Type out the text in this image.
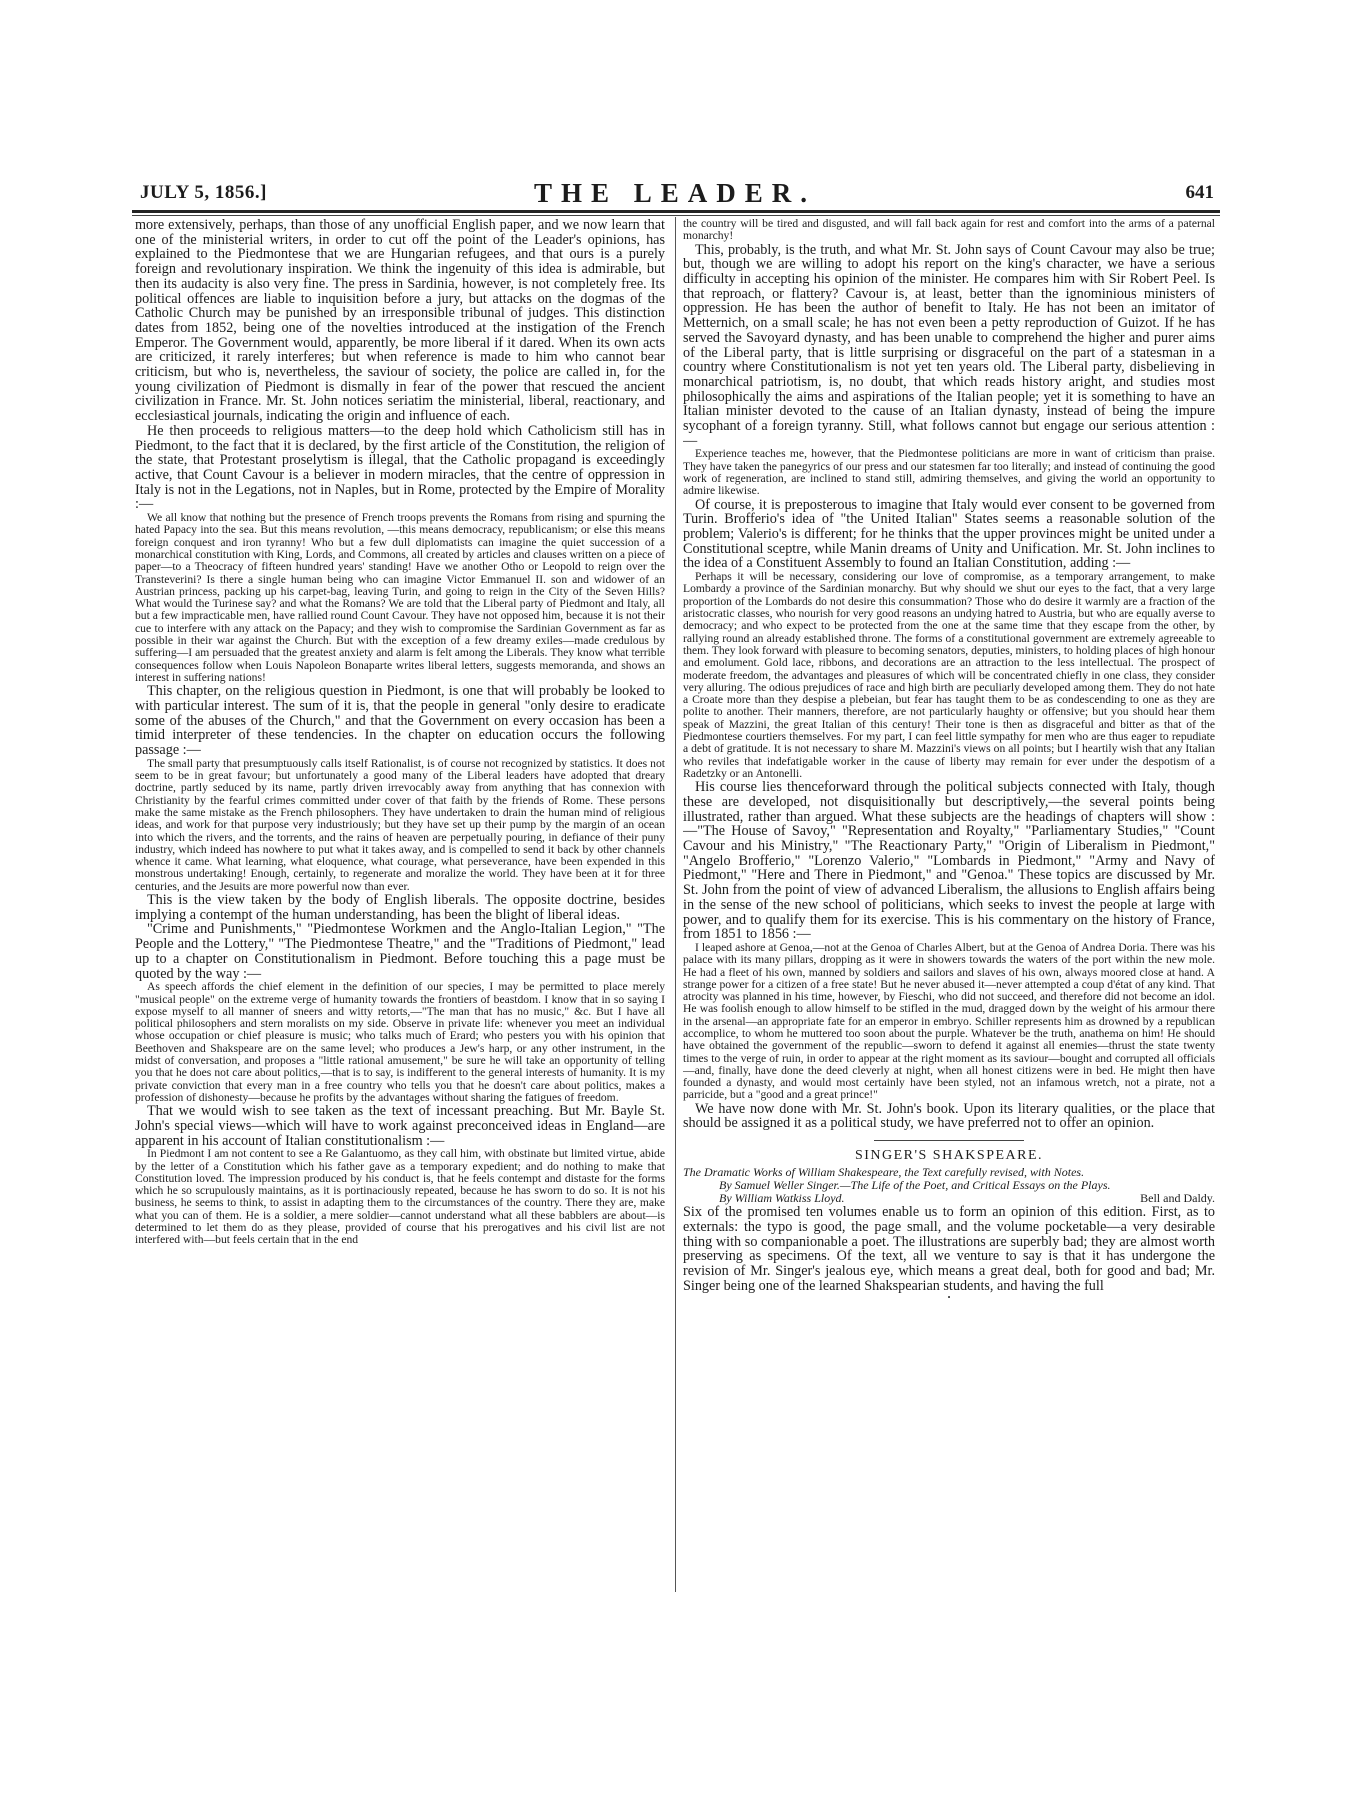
JULY 5, 1856.]	THE LEADER.	641

more extensively, perhaps, than those of any unofficial English paper, and we now learn that one of the ministerial writers, in order to cut off the point of the Leader's opinions, has explained to the Piedmontese that we are Hungarian refugees, and that ours is a purely foreign and revolutionary inspiration. We think the ingenuity of this idea is admirable, but then its audacity is also very fine. The press in Sardinia, however, is not completely free. Its political offences are liable to inquisition before a jury, but attacks on the dogmas of the Catholic Church may be punished by an irresponsible tribunal of judges. This distinction dates from 1852, being one of the novelties introduced at the instigation of the French Emperor. The Government would, apparently, be more liberal if it dared. When its own acts are criticized, it rarely interferes; but when reference is made to him who cannot bear criticism, but who is, nevertheless, the saviour of society, the police are called in, for the young civilization of Piedmont is dismally in fear of the power that rescued the ancient civilization in France. Mr. St. John notices seriatim the ministerial, liberal, reactionary, and ecclesiastical journals, indicating the origin and influence of each.

He then proceeds to religious matters—to the deep hold which Catholicism still has in Piedmont, to the fact that it is declared, by the first article of the Constitution, the religion of the state, that Protestant proselytism is illegal, that the Catholic propagand is exceedingly active, that Count Cavour is a believer in modern miracles, that the centre of oppression in Italy is not in the Legations, not in Naples, but in Rome, protected by the Empire of Morality :—

We all know that nothing but the presence of French troops prevents the Romans from rising and spurning the hated Papacy into the sea. But this means revolution, —this means democracy, republicanism; or else this means foreign conquest and iron tyranny! Who but a few dull diplomatists can imagine the quiet succession of a monarchical constitution with King, Lords, and Commons, all created by articles and clauses written on a piece of paper—to a Theocracy of fifteen hundred years' standing! Have we another Otho or Leopold to reign over the Transteverini? Is there a single human being who can imagine Victor Emmanuel II. son and widower of an Austrian princess, packing up his carpet-bag, leaving Turin, and going to reign in the City of the Seven Hills? What would the Turinese say? and what the Romans? We are told that the Liberal party of Piedmont and Italy, all but a few impracticable men, have rallied round Count Cavour. They have not opposed him, because it is not their cue to interfere with any attack on the Papacy; and they wish to compromise the Sardinian Government as far as possible in their war against the Church. But with the exception of a few dreamy exiles—made credulous by suffering—I am persuaded that the greatest anxiety and alarm is felt among the Liberals. They know what terrible consequences follow when Louis Napoleon Bonaparte writes liberal letters, suggests memoranda, and shows an interest in suffering nations!

This chapter, on the religious question in Piedmont, is one that will probably be looked to with particular interest. The sum of it is, that the people in general "only desire to eradicate some of the abuses of the Church," and that the Government on every occasion has been a timid interpreter of these tendencies. In the chapter on education occurs the following passage :—

The small party that presumptuously calls itself Rationalist, is of course not recognized by statistics. It does not seem to be in great favour; but unfortunately a good many of the Liberal leaders have adopted that dreary doctrine, partly seduced by its name, partly driven irrevocably away from anything that has connexion with Christianity by the fearful crimes committed under cover of that faith by the friends of Rome. These persons make the same mistake as the French philosophers. They have undertaken to drain the human mind of religious ideas, and work for that purpose very industriously; but they have set up their pump by the margin of an ocean into which the rivers, and the torrents, and the rains of heaven are perpetually pouring, in defiance of their puny industry, which indeed has nowhere to put what it takes away, and is compelled to send it back by other channels whence it came. What learning, what eloquence, what courage, what perseverance, have been expended in this monstrous undertaking! Enough, certainly, to regenerate and moralize the world. They have been at it for three centuries, and the Jesuits are more powerful now than ever.

This is the view taken by the body of English liberals. The opposite doctrine, besides implying a contempt of the human understanding, has been the blight of liberal ideas.

"Crime and Punishments," "Piedmontese Workmen and the Anglo-Italian Legion," "The People and the Lottery," "The Piedmontese Theatre," and the "Traditions of Piedmont," lead up to a chapter on Constitutionalism in Piedmont. Before touching this a page must be quoted by the way :—

As speech affords the chief element in the definition of our species, I may be permitted to place merely "musical people" on the extreme verge of humanity towards the frontiers of beastdom. I know that in so saying I expose myself to all manner of sneers and witty retorts,—"The man that has no music," &c. But I have all political philosophers and stern moralists on my side. Observe in private life: whenever you meet an individual whose occupation or chief pleasure is music; who talks much of Erard; who pesters you with his opinion that Beethoven and Shakspeare are on the same level; who produces a Jew's harp, or any other instrument, in the midst of conversation, and proposes a "little rational amusement," be sure he will take an opportunity of telling you that he does not care about politics,—that is to say, is indifferent to the general interests of humanity. It is my private conviction that every man in a free country who tells you that he doesn't care about politics, makes a profession of dishonesty—because he profits by the advantages without sharing the fatigues of freedom.

That we would wish to see taken as the text of incessant preaching. But Mr. Bayle St. John's special views—which will have to work against preconceived ideas in England—are apparent in his account of Italian constitutionalism :—

In Piedmont I am not content to see a Re Galantuomo, as they call him, with obstinate but limited virtue, abide by the letter of a Constitution which his father gave as a temporary expedient; and do nothing to make that Constitution loved. The impression produced by his conduct is, that he feels contempt and distaste for the forms which he so scrupulously maintains, as it is portinaciously repeated, because he has sworn to do so. It is not his business, he seems to think, to assist in adapting them to the circumstances of the country. There they are, make what you can of them. He is a soldier, a mere soldier—cannot understand what all these babblers are about—is determined to let them do as they please, provided of course that his prerogatives and his civil list are not interfered with—but feels certain that in the end

the country will be tired and disgusted, and will fall back again for rest and comfort into the arms of a paternal monarchy!

This, probably, is the truth, and what Mr. St. John says of Count Cavour may also be true; but, though we are willing to adopt his report on the king's character, we have a serious difficulty in accepting his opinion of the minister. He compares him with Sir Robert Peel. Is that reproach, or flattery? Cavour is, at least, better than the ignominious ministers of oppression. He has been the author of benefit to Italy. He has not been an imitator of Metternich, on a small scale; he has not even been a petty reproduction of Guizot. If he has served the Savoyard dynasty, and has been unable to comprehend the higher and purer aims of the Liberal party, that is little surprising or disgraceful on the part of a statesman in a country where Constitutionalism is not yet ten years old. The Liberal party, disbelieving in monarchical patriotism, is, no doubt, that which reads history aright, and studies most philosophically the aims and aspirations of the Italian people; yet it is something to have an Italian minister devoted to the cause of an Italian dynasty, instead of being the impure sycophant of a foreign tyranny. Still, what follows cannot but engage our serious attention :—

Experience teaches me, however, that the Piedmontese politicians are more in want of criticism than praise. They have taken the panegyrics of our press and our statesmen far too literally; and instead of continuing the good work of regeneration, are inclined to stand still, admiring themselves, and giving the world an opportunity to admire likewise.

Of course, it is preposterous to imagine that Italy would ever consent to be governed from Turin. Brofferio's idea of "the United Italian" States seems a reasonable solution of the problem; Valerio's is different; for he thinks that the upper provinces might be united under a Constitutional sceptre, while Manin dreams of Unity and Unification. Mr. St. John inclines to the idea of a Constituent Assembly to found an Italian Constitution, adding :—

Perhaps it will be necessary, considering our love of compromise, as a temporary arrangement, to make Lombardy a province of the Sardinian monarchy. But why should we shut our eyes to the fact, that a very large proportion of the Lombards do not desire this consummation? Those who do desire it warmly are a fraction of the aristocratic classes, who nourish for very good reasons an undying hatred to Austria, but who are equally averse to democracy; and who expect to be protected from the one at the same time that they escape from the other, by rallying round an already established throne. The forms of a constitutional government are extremely agreeable to them. They look forward with pleasure to becoming senators, deputies, ministers, to holding places of high honour and emolument. Gold lace, ribbons, and decorations are an attraction to the less intellectual. The prospect of moderate freedom, the advantages and pleasures of which will be concentrated chiefly in one class, they consider very alluring. The odious prejudices of race and high birth are peculiarly developed among them. They do not hate a Croate more than they despise a plebeian, but fear has taught them to be as condescending to one as they are polite to another. Their manners, therefore, are not particularly haughty or offensive; but you should hear them speak of Mazzini, the great Italian of this century! Their tone is then as disgraceful and bitter as that of the Piedmontese courtiers themselves. For my part, I can feel little sympathy for men who are thus eager to repudiate a debt of gratitude. It is not necessary to share M. Mazzini's views on all points; but I heartily wish that any Italian who reviles that indefatigable worker in the cause of liberty may remain for ever under the despotism of a Radetzky or an Antonelli.

His course lies thenceforward through the political subjects connected with Italy, though these are developed, not disquisitionally but descriptively,—the several points being illustrated, rather than argued. What these subjects are the headings of chapters will show :—"The House of Savoy," "Representation and Royalty," "Parliamentary Studies," "Count Cavour and his Ministry," "The Reactionary Party," "Origin of Liberalism in Piedmont," "Angelo Brofferio," "Lorenzo Valerio," "Lombards in Piedmont," "Army and Navy of Piedmont," "Here and There in Piedmont," and "Genoa." These topics are discussed by Mr. St. John from the point of view of advanced Liberalism, the allusions to English affairs being in the sense of the new school of politicians, which seeks to invest the people at large with power, and to qualify them for its exercise. This is his commentary on the history of France, from 1851 to 1856 :—

I leaped ashore at Genoa,—not at the Genoa of Charles Albert, but at the Genoa of Andrea Doria. There was his palace with its many pillars, dropping as it were in showers towards the waters of the port within the new mole. He had a fleet of his own, manned by soldiers and sailors and slaves of his own, always moored close at hand. A strange power for a citizen of a free state! But he never abused it—never attempted a coup d'état of any kind. That atrocity was planned in his time, however, by Fieschi, who did not succeed, and therefore did not become an idol. He was foolish enough to allow himself to be stifled in the mud, dragged down by the weight of his armour there in the arsenal—an appropriate fate for an emperor in embryo. Schiller represents him as drowned by a republican accomplice, to whom he muttered too soon about the purple. Whatever be the truth, anathema on him! He should have obtained the government of the republic—sworn to defend it against all enemies—thrust the state twenty times to the verge of ruin, in order to appear at the right moment as its saviour—bought and corrupted all officials—and, finally, have done the deed cleverly at night, when all honest citizens were in bed. He might then have founded a dynasty, and would most certainly have been styled, not an infamous wretch, not a pirate, not a parricide, but a "good and a great prince!"

We have now done with Mr. St. John's book. Upon its literary qualities, or the place that should be assigned it as a political study, we have preferred not to offer an opinion.

SINGER'S SHAKSPEARE.
The Dramatic Works of William Shakespeare, the Text carefully revised, with Notes.
By Samuel Weller Singer.—The Life of the Poet, and Critical Essays on the Plays.
Bell and Daldy.
By William Watkiss Lloyd.

Six of the promised ten volumes enable us to form an opinion of this edition. First, as to externals: the typo is good, the page small, and the volume pocketable—a very desirable thing with so companionable a poet. The illustrations are superbly bad; they are almost worth preserving as specimens. Of the text, all we venture to say is that it has undergone the revision of Mr. Singer's jealous eye, which means a great deal, both for good and bad; Mr. Singer being one of the learned Shakspearian students, and having the full

•
